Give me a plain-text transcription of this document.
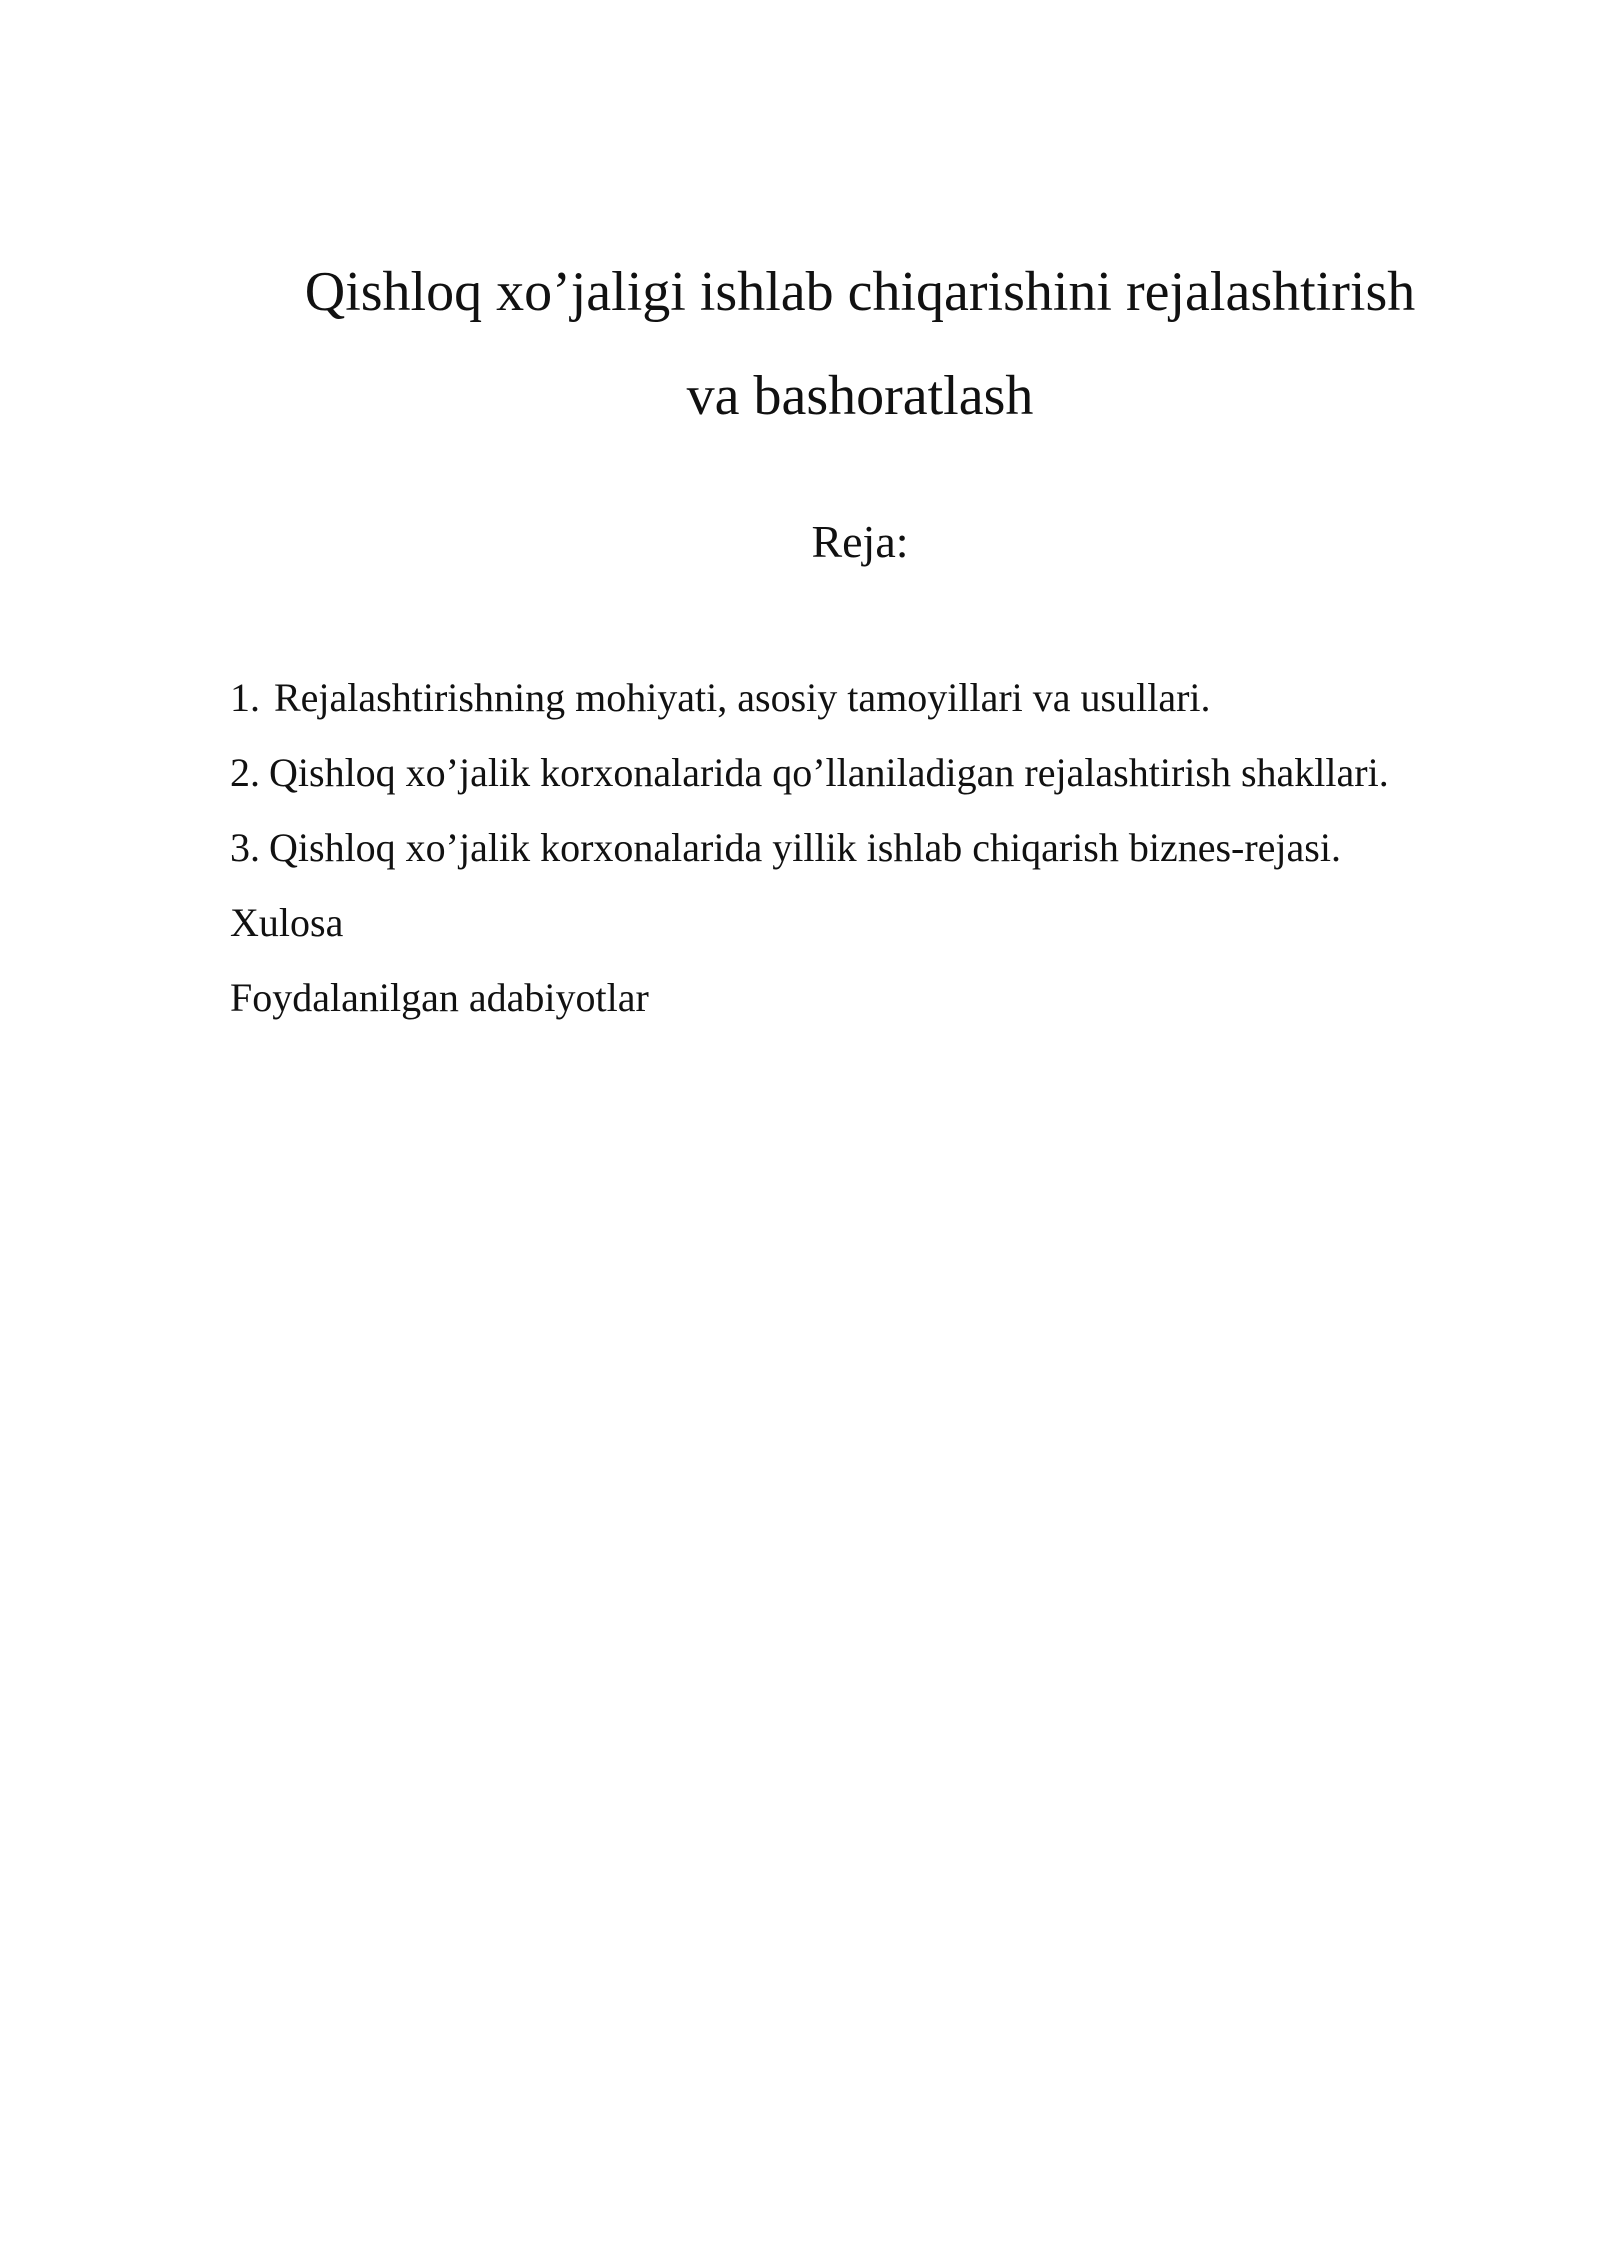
Qishloq xo’jaligi ishlab chiqarishini rejalashtirish
va bashoratlash
Reja:
1. Rejalashtirishning mohiyati, asosiy tamoyillari va usullari.
2. Qishloq xo’jalik korxonalarida qo’llaniladigan rejalashtirish shakllari.
3. Qishloq xo’jalik korxonalarida yillik ishlab chiqarish biznes-rejasi.
Xulosa
Foydalanilgan adabiyotlar
